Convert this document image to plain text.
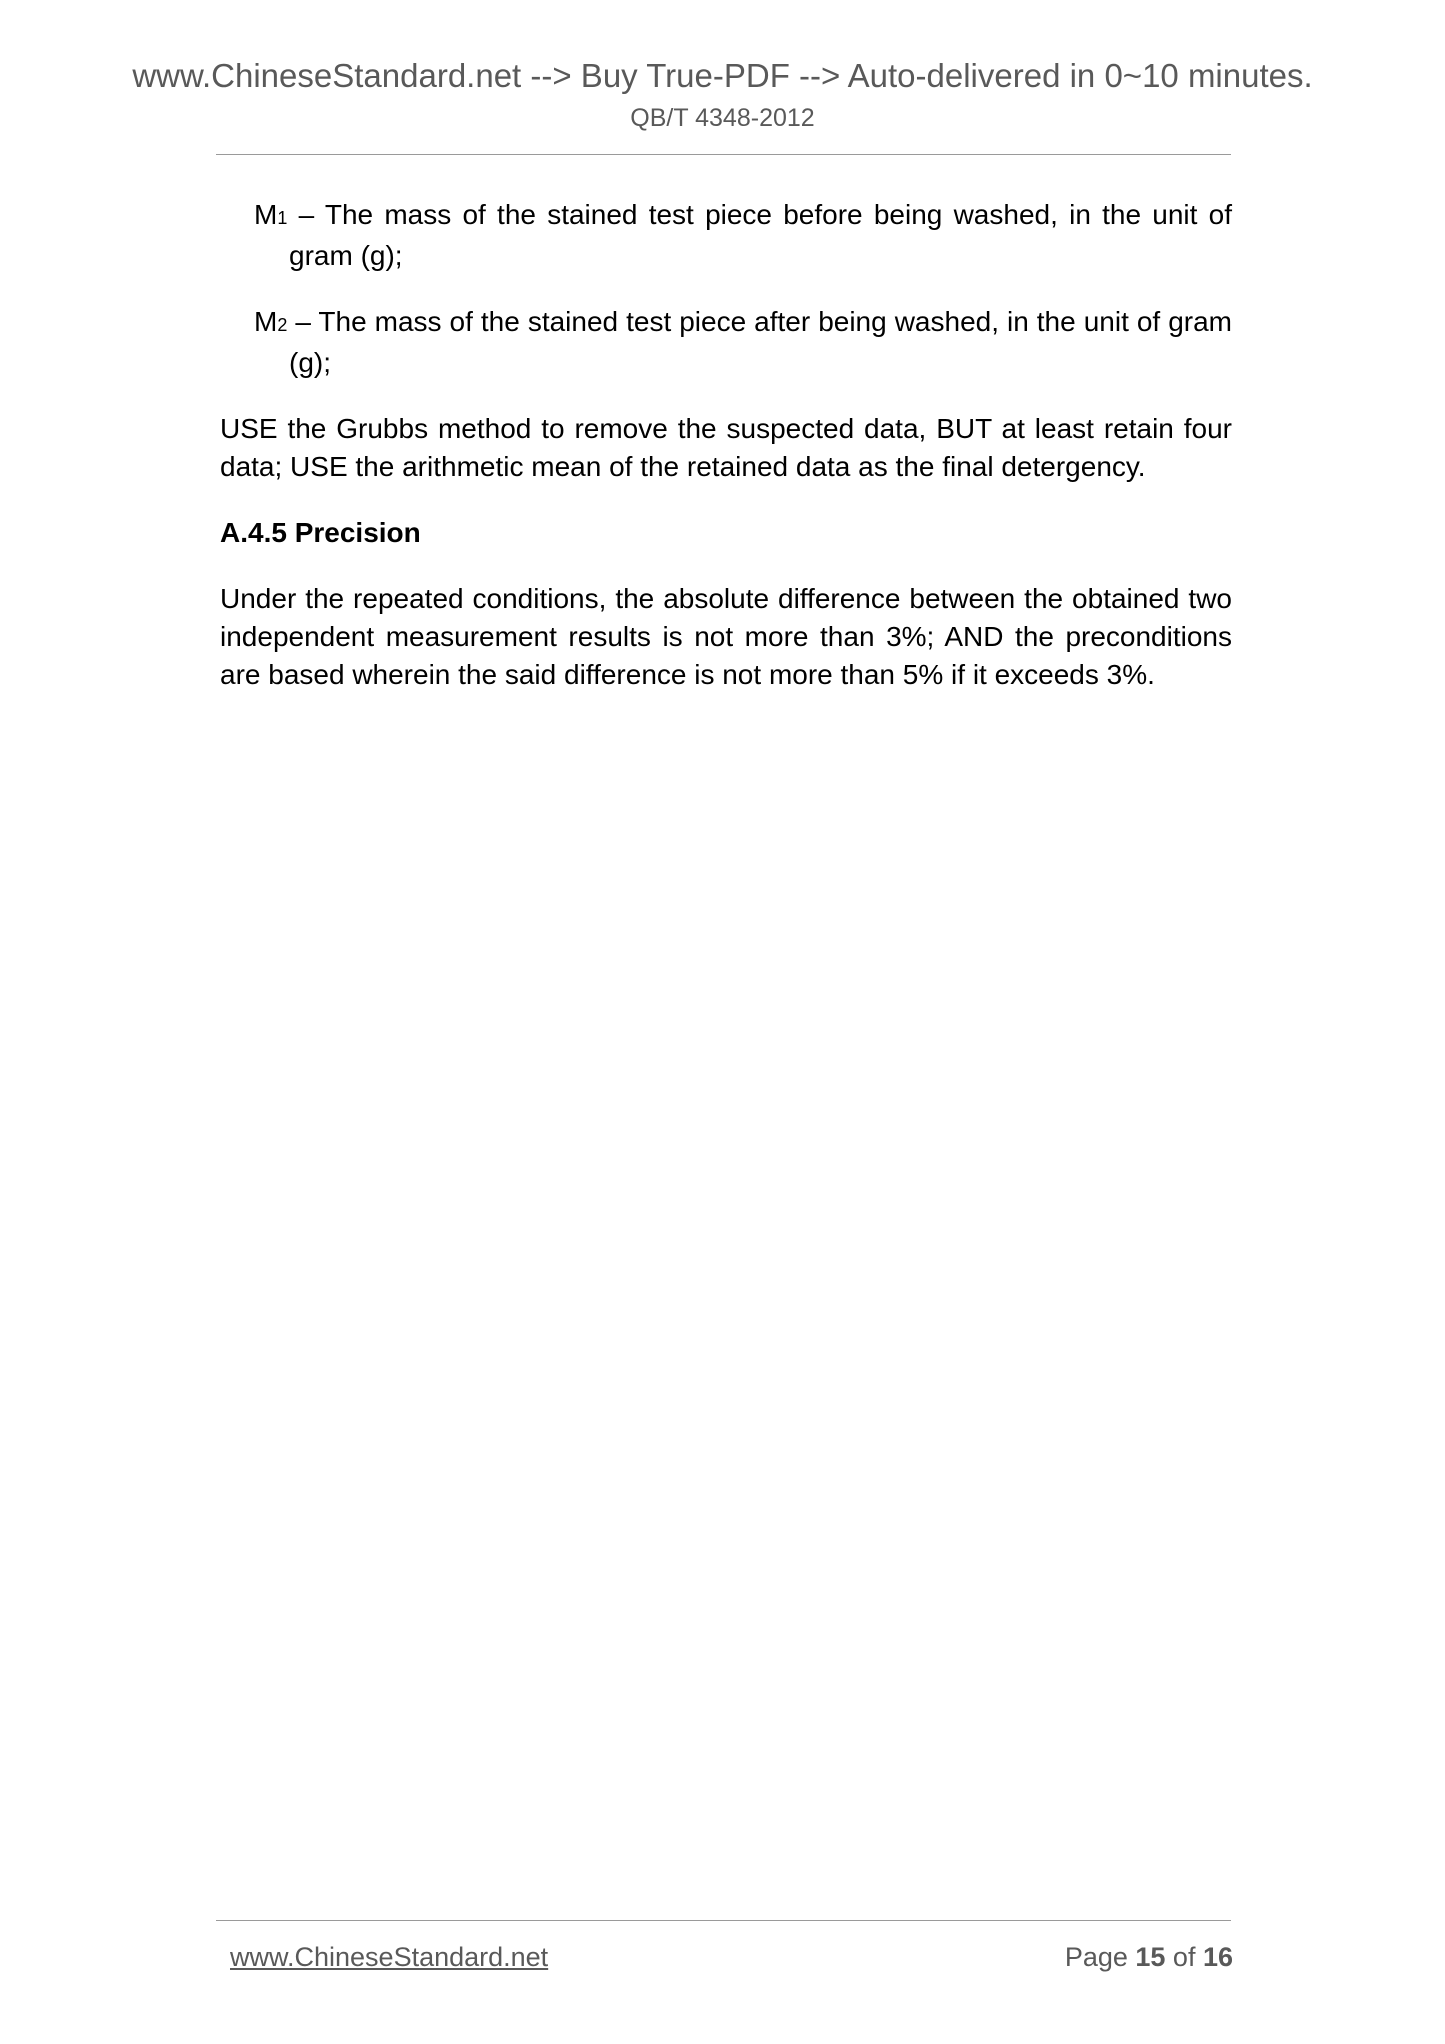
www.ChineseStandard.net --> Buy True-PDF --> Auto-delivered in 0~10 minutes.
QB/T 4348-2012

M1 – The mass of the stained test piece before being washed, in the unit of gram (g);

M2 – The mass of the stained test piece after being washed, in the unit of gram (g);

USE the Grubbs method to remove the suspected data, BUT at least retain four data; USE the arithmetic mean of the retained data as the final detergency.

A.4.5 Precision

Under the repeated conditions, the absolute difference between the obtained two independent measurement results is not more than 3%; AND the preconditions are based wherein the said difference is not more than 5% if it exceeds 3%.

www.ChineseStandard.net	Page 15 of 16
